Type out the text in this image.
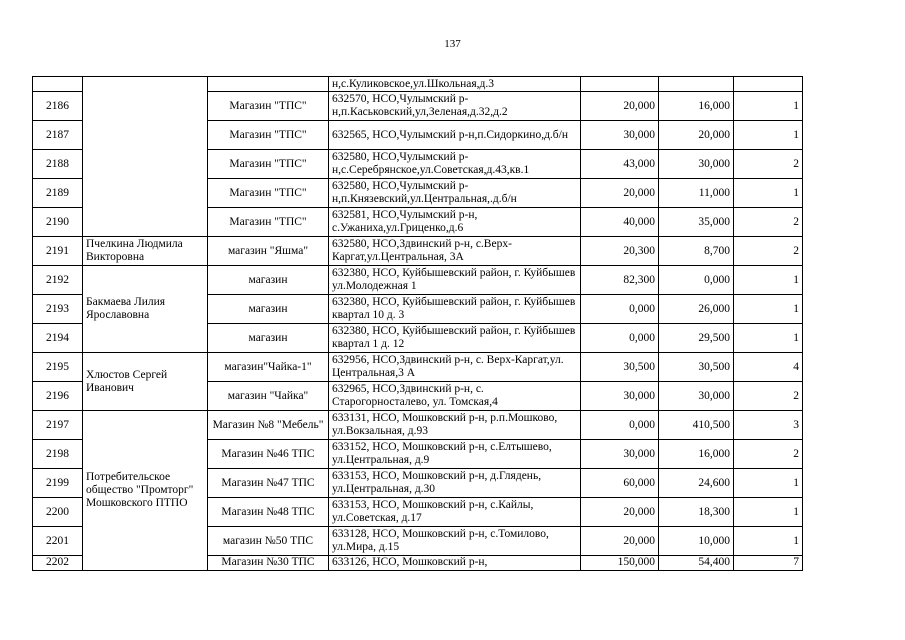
137
			н,с.Куликовское,ул.Школьная,д.3			
2186		Магазин "ТПС"	632570, НСО,Чулымский р-н,п.Каськовский,ул,Зеленая,д.32,д.2	20,000	16,000	1
2187		Магазин "ТПС"	632565, НСО,Чулымский р-н,п.Сидоркино,д.б/н	30,000	20,000	1
2188		Магазин "ТПС"	632580, НСО,Чулымский р-н,с.Серебрянское,ул.Советская,д.43,кв.1	43,000	30,000	2
2189		Магазин "ТПС"	632580, НСО,Чулымский р-н,п.Князевский,ул.Центральная,.д.б/н	20,000	11,000	1
2190		Магазин "ТПС"	632581, НСО,Чулымский р-н, с.Ужаниха,ул.Гриценко,д.6	40,000	35,000	2
2191	Пчелкина Людмила Викторовна	магазин "Яшма"	632580, НСО,Здвинский р-н, с.Верх-Каргат,ул.Центральная, 3А	20,300	8,700	2
2192	Бакмаева Лилия Ярославовна	магазин	632380, НСО, Куйбышевский район, г. Куйбышев ул.Молодежная 1	82,300	0,000	1
2193		магазин	632380, НСО, Куйбышевский район, г. Куйбышев квартал 10 д. 3	0,000	26,000	1
2194		магазин	632380, НСО, Куйбышевский район, г. Куйбышев квартал 1 д. 12	0,000	29,500	1
2195	Хлюстов Сергей Иванович	магазин"Чайка-1"	632956, НСО,Здвинский р-н, с. Верх-Каргат,ул. Центральная,3 А	30,500	30,500	4
2196		магазин "Чайка"	632965, НСО,Здвинский р-н, с. Старогорносталево, ул. Томская,4	30,000	30,000	2
2197	Потребительское общество "Промторг" Мошковского ПТПО	Магазин №8 "Мебель"	633131, НСО, Мошковский р-н, р.п.Мошково, ул.Вокзальная, д.93	0,000	410,500	3
2198		Магазин №46 ТПС	633152, НСО, Мошковский р-н, с.Елтышево, ул.Центральная, д.9	30,000	16,000	2
2199		Магазин №47 ТПС	633153, НСО, Мошковский р-н, д.Глядень, ул.Центральная, д.30	60,000	24,600	1
2200		Магазин №48 ТПС	633153, НСО, Мошковский р-н, с.Кайлы, ул.Советская, д.17	20,000	18,300	1
2201		магазин №50 ТПС	633128, НСО, Мошковский р-н, с.Томилово, ул.Мира, д.15	20,000	10,000	1
2202		Магазин №30 ТПС	633126, НСО, Мошковский р-н,	150,000	54,400	7
